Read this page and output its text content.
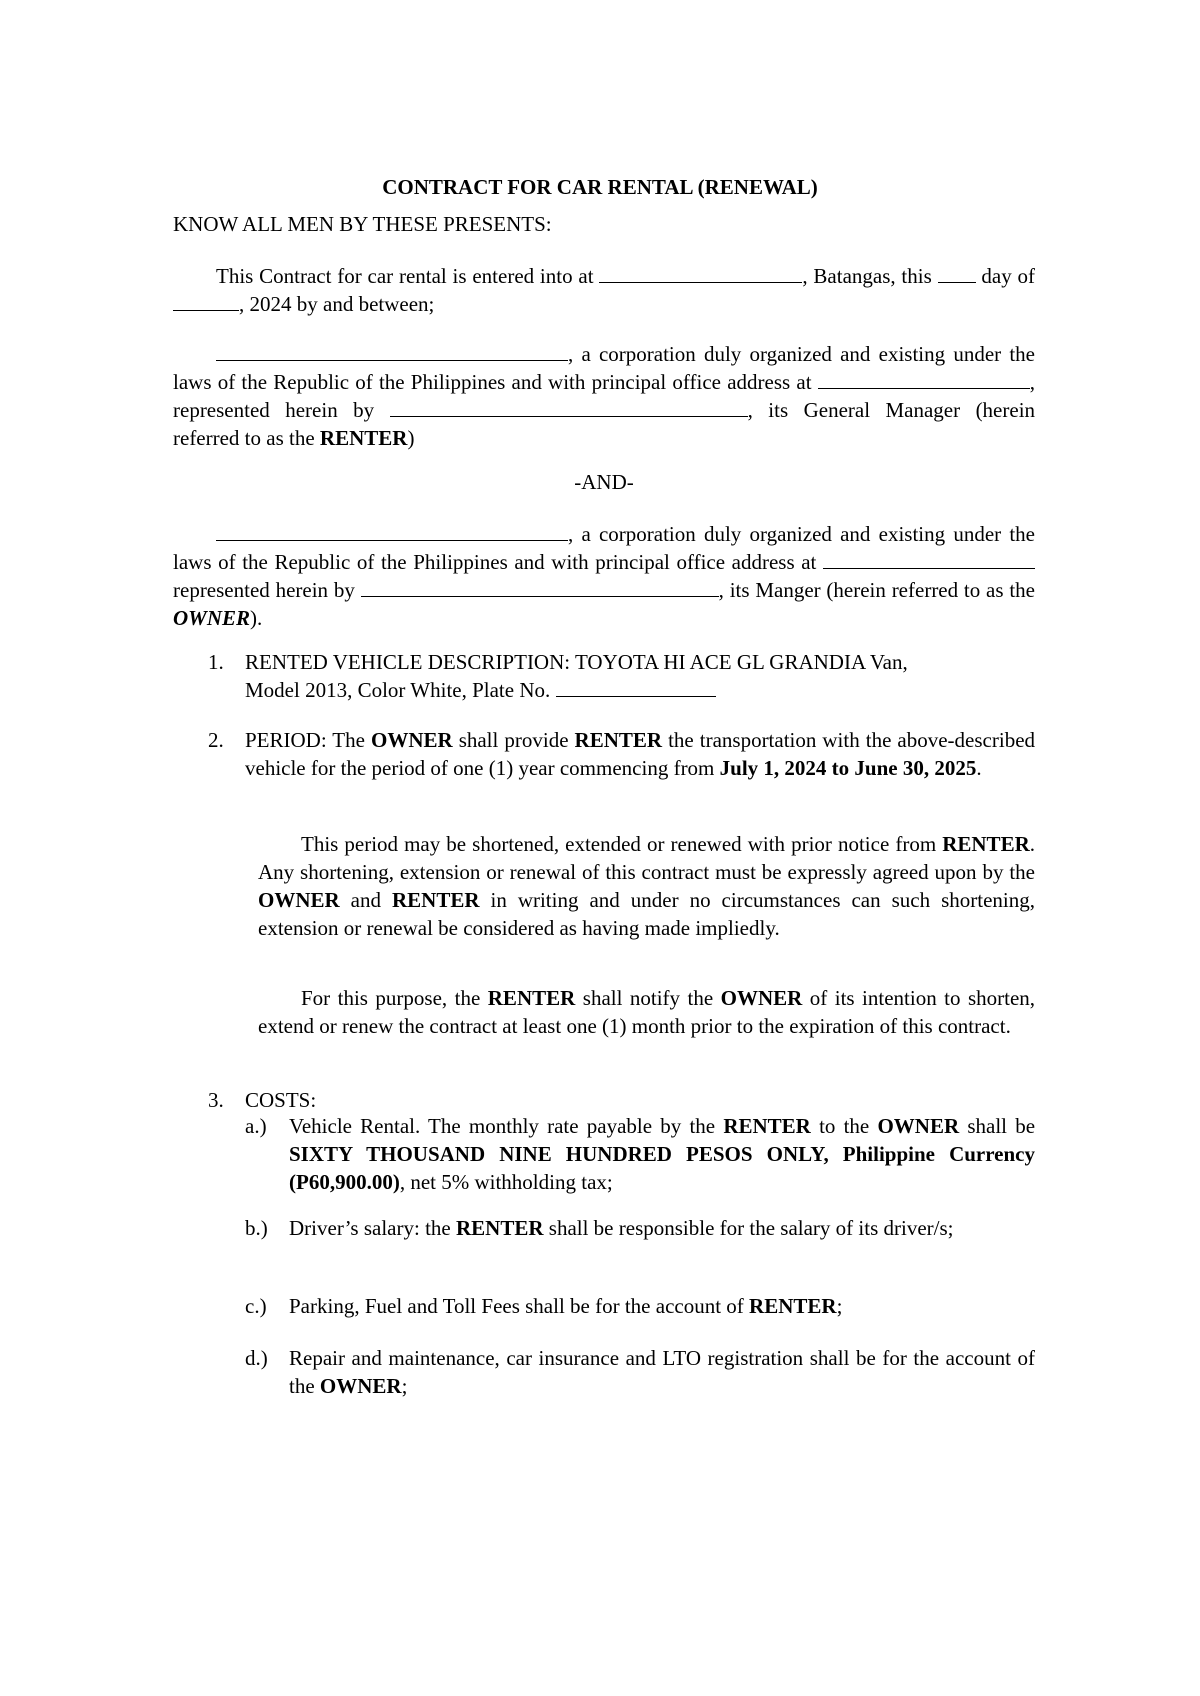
CONTRACT FOR CAR RENTAL (RENEWAL)
KNOW ALL MEN BY THESE PRESENTS:
This Contract for car rental is entered into at	, Batangas, this day of , 2024 by and between;
, a corporation duly organized and existing under the laws of the Republic of the Philippines and with principal office address at	, represented herein by	, its General Manager (herein referred to as the RENTER)
-AND-
, a corporation duly organized and existing under the laws of the Republic of the Philippines and with principal office address at  represented herein by	, its Manger (herein referred to as the OWNER).
1.	RENTED VEHICLE DESCRIPTION: TOYOTA HI ACE GL GRANDIA Van,
Model 2013, Color White, Plate No.
2.	PERIOD: The OWNER shall provide RENTER the transportation with the above-described vehicle for the period of one (1) year commencing from July 1, 2024 to June 30, 2025.
This period may be shortened, extended or renewed with prior notice from RENTER. Any shortening, extension or renewal of this contract must be expressly agreed upon by the OWNER and RENTER in writing and under no circumstances can such shortening, extension or renewal be considered as having made impliedly.
For this purpose, the RENTER shall notify the OWNER of its intention to shorten, extend or renew the contract at least one (1) month prior to the expiration of this contract.
3.	COSTS:
a.)	Vehicle Rental. The monthly rate payable by the RENTER to the OWNER shall be SIXTY THOUSAND NINE HUNDRED PESOS ONLY, Philippine Currency (P60,900.00), net 5% withholding tax;
b.)	Driver’s salary: the RENTER shall be responsible for the salary of its driver/s;
c.)	Parking, Fuel and Toll Fees shall be for the account of RENTER;
d.)	Repair and maintenance, car insurance and LTO registration shall be for the account of the OWNER;
